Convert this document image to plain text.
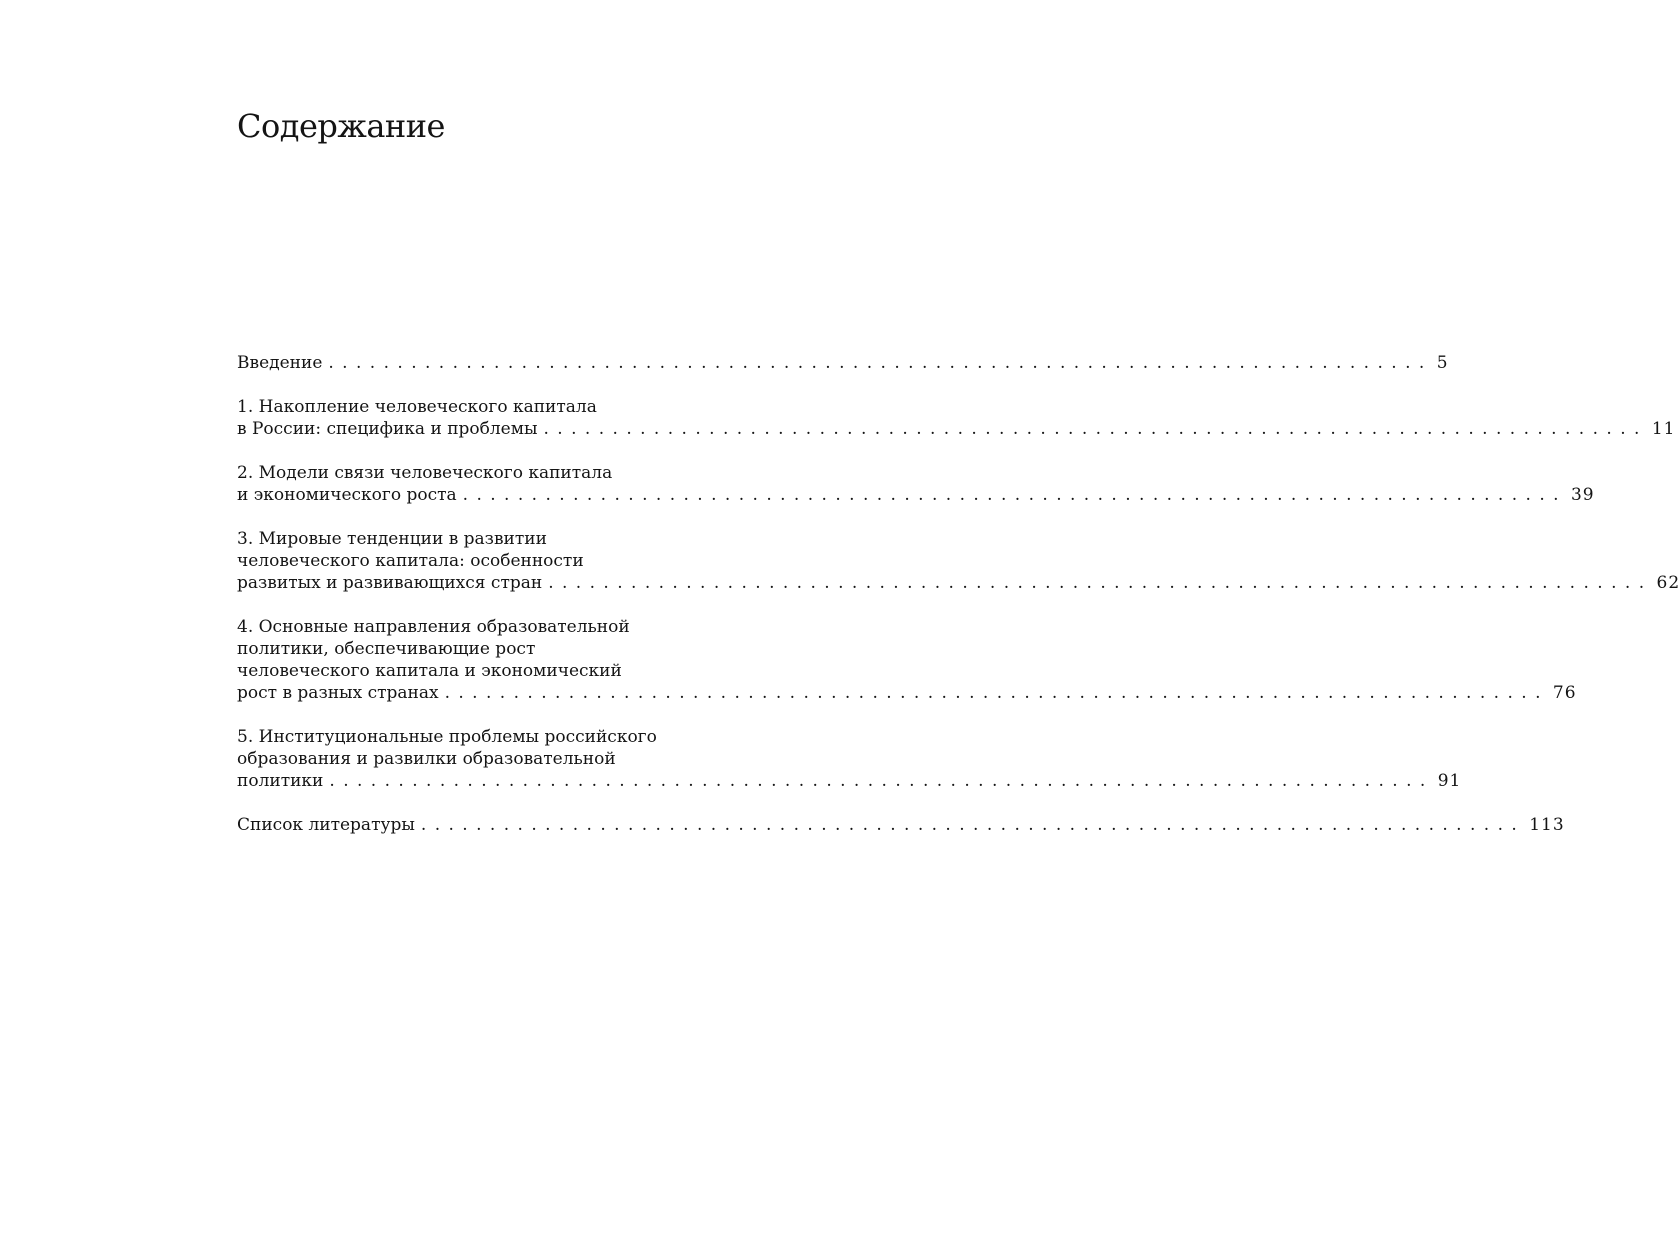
Содержание
Введение ................................................................................ 5
1. Накопление человеческого капитала
в России: специфика и проблемы ................................................................................ 11
2. Модели связи человеческого капитала
и экономического роста ................................................................................ 39
3. Мировые тенденции в развитии
человеческого капитала: особенности
развитых и развивающихся стран ................................................................................ 62
4. Основные направления образовательной
политики, обеспечивающие рост
человеческого капитала и экономический
рост в разных странах ................................................................................ 76
5. Институциональные проблемы российского
образования и развилки образовательной
политики ................................................................................ 91
Список литературы ................................................................................ 113
